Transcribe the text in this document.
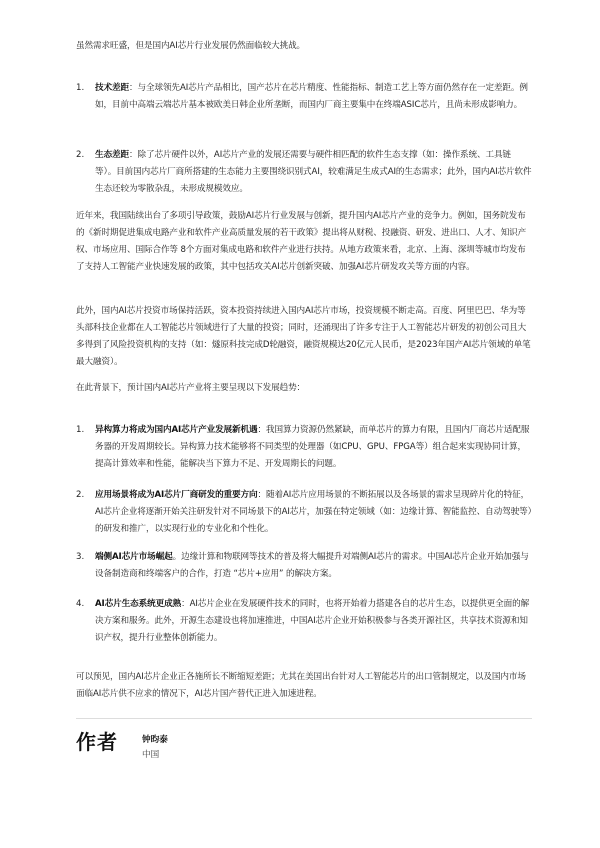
虽然需求旺盛，但是国内AI芯片行业发展仍然面临较大挑战。

1.	技术差距：与全球领先AI芯片产品相比，国产芯片在芯片精度、性能指标、制造工艺上等方面仍然存在一定差距。例如，目前中高端云端芯片基本被欧美日韩企业所垄断，而国内厂商主要集中在终端ASIC芯片，且尚未形成影响力。

2.	生态差距：除了芯片硬件以外，AI芯片产业的发展还需要与硬件相匹配的软件生态支撑（如：操作系统、工具链等）。目前国内芯片厂商所搭建的生态能力主要围绕识别式AI，较难满足生成式AI的生态需求；此外，国内AI芯片软件生态还较为零散杂乱，未形成规模效应。

近年来，我国陆续出台了多项引导政策，鼓励AI芯片行业发展与创新，提升国内AI芯片产业的竞争力。例如，国务院发布的《新时期促进集成电路产业和软件产业高质量发展的若干政策》提出将从财税、投融资、研发、进出口、人才、知识产权、市场应用、国际合作等 8个方面对集成电路和软件产业进行扶持。从地方政策来看，北京、上海、深圳等城市均发布了支持人工智能产业快速发展的政策，其中包括攻关AI芯片创新突破、加强AI芯片研发攻关等方面的内容。

此外，国内AI芯片投资市场保持活跃，资本投资持续进入国内AI芯片市场，投资规模不断走高。百度、阿里巴巴、华为等头部科技企业都在人工智能芯片领域进行了大量的投资；同时，还涌现出了许多专注于人工智能芯片研发的初创公司且大多得到了风险投资机构的支持（如：燧原科技完成D轮融资，融资规模达20亿元人民币，是2023年国产AI芯片领域的单笔最大融资）。

在此背景下，预计国内AI芯片产业将主要呈现以下发展趋势：

1.	异构算力将成为国内AI芯片产业发展新机遇：我国算力资源仍然紧缺，而单芯片的算力有限，且国内厂商芯片适配服务器的开发周期较长。异构算力技术能够将不同类型的处理器（如CPU、GPU、FPGA等）组合起来实现协同计算，提高计算效率和性能，能解决当下算力不足、开发周期长的问题。

2.	应用场景将成为AI芯片厂商研发的重要方向：随着AI芯片应用场景的不断拓展以及各场景的需求呈现碎片化的特征，AI芯片企业将逐渐开始关注研发针对不同场景下的AI芯片，加强在特定领域（如：边缘计算、智能监控、自动驾驶等）的研发和推广，以实现行业的专业化和个性化。

3.	端侧AI芯片市场崛起。边缘计算和物联网等技术的普及将大幅提升对端侧AI芯片的需求。中国AI芯片企业开始加强与设备制造商和终端客户的合作，打造 “芯片+应用” 的解决方案。

4.	AI芯片生态系统更成熟：AI芯片企业在发展硬件技术的同时，也将开始着力搭建各自的芯片生态，以提供更全面的解决方案和服务。此外，开源生态建设也将加速推进，中国AI芯片企业开始积极参与各类开源社区，共享技术资源和知识产权，提升行业整体创新能力。

可以预见，国内AI芯片企业正各施所长不断缩短差距；尤其在美国出台针对人工智能芯片的出口管制规定，以及国内市场面临AI芯片供不应求的情况下，AI芯片国产替代正进入加速进程。

作者	钟昀泰
中国
